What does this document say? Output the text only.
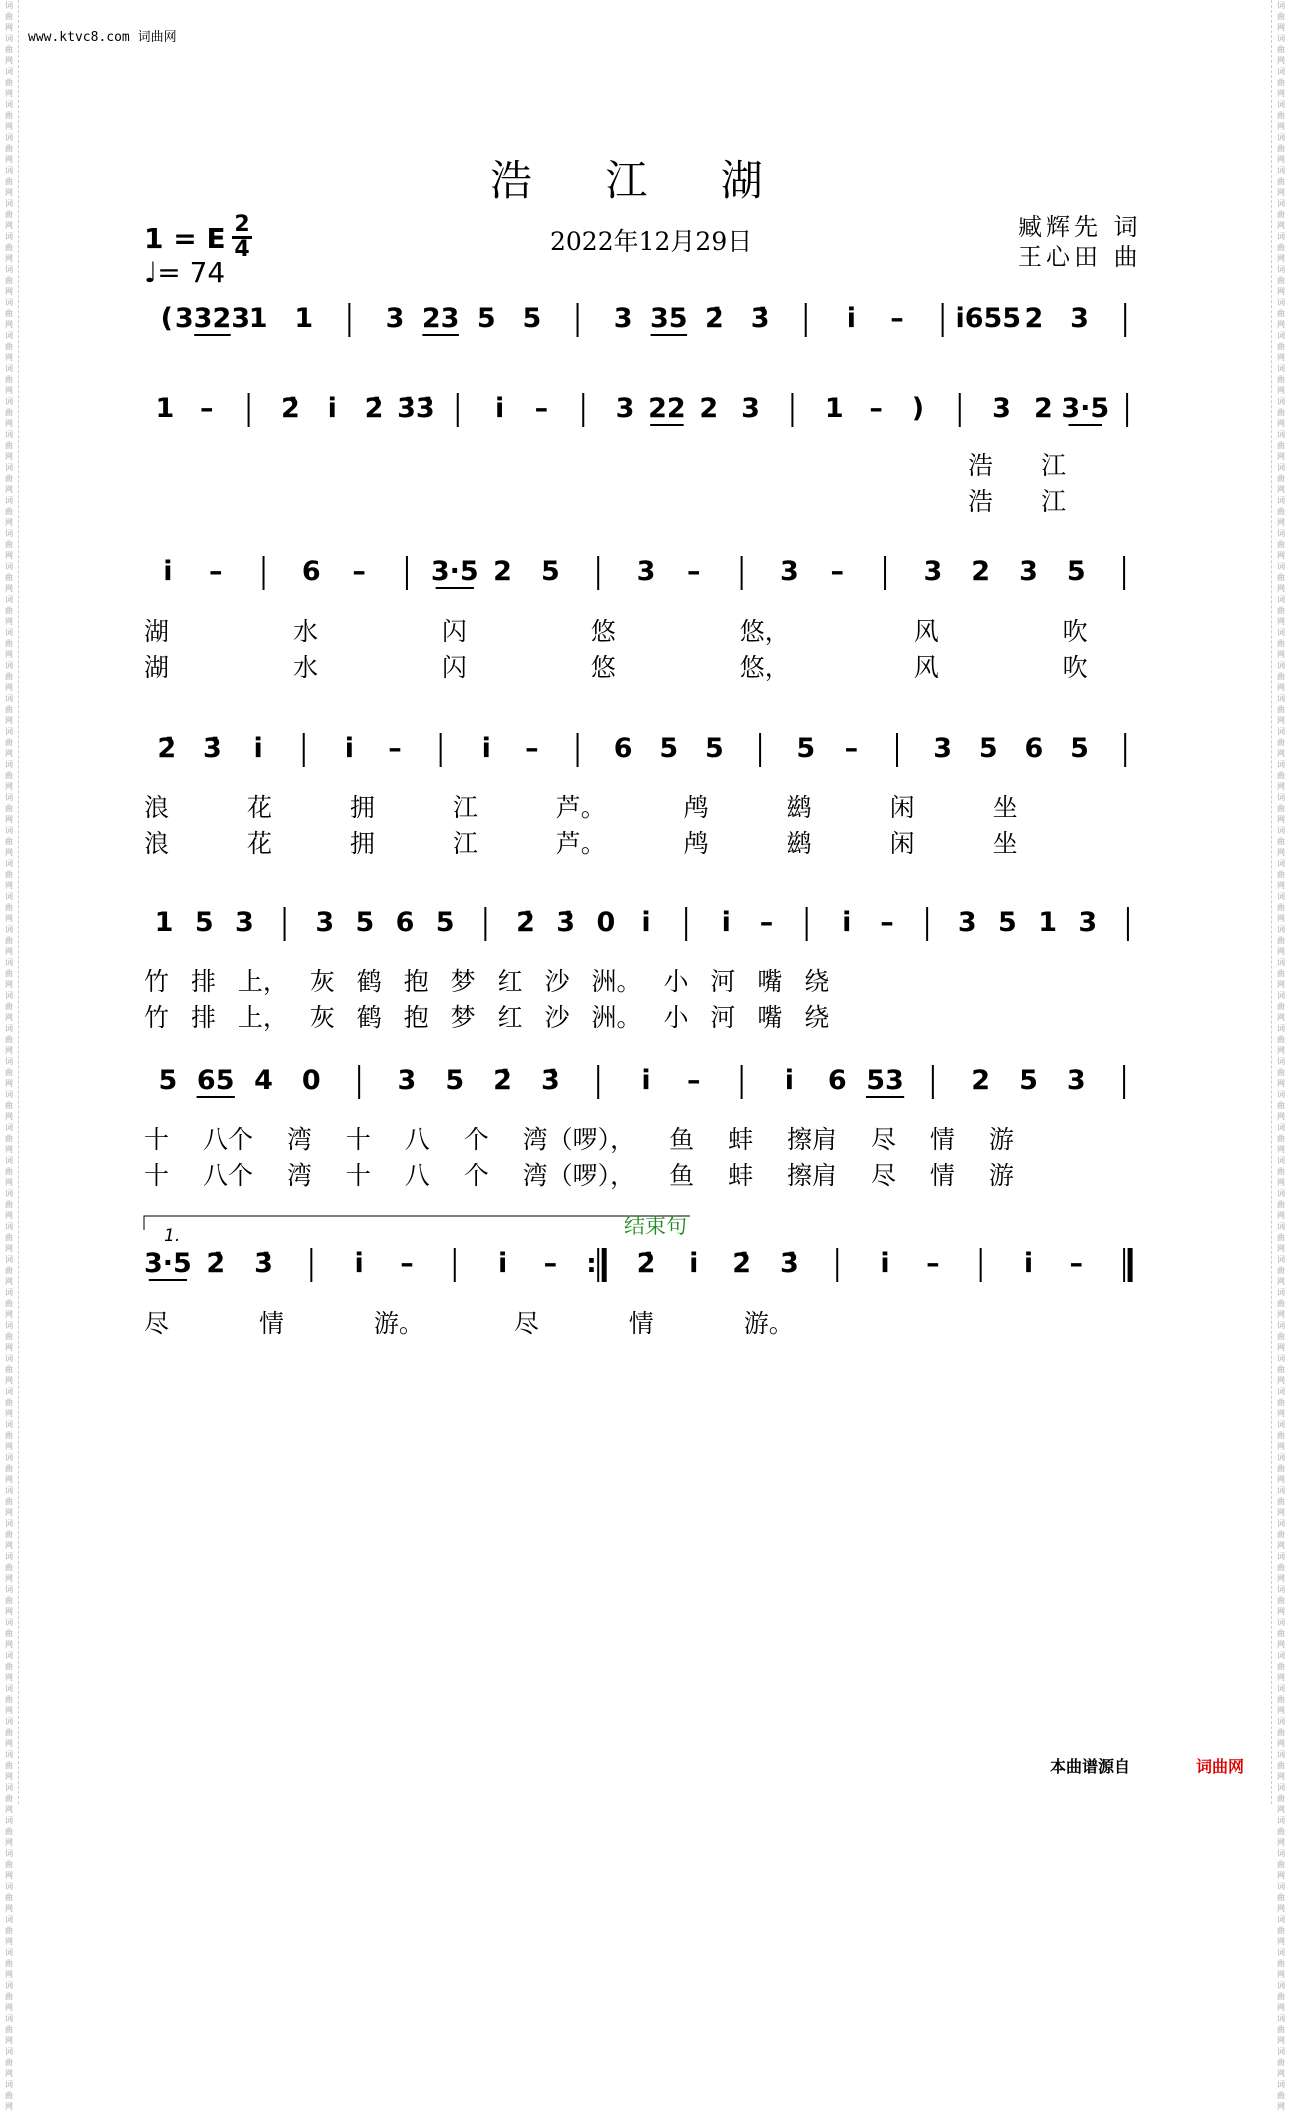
词曲网 词曲网 词曲网 词曲网 词曲网 词曲网 词曲网 词曲网 词曲网 词曲网 词曲网 词曲网 词曲网 词曲网 词曲网 词曲网 词曲网 词曲网 词曲网 词曲网 词曲网 词曲网 词曲网 词曲网 词曲网 词曲网 词曲网 词曲网 词曲网 词曲网 词曲网 词曲网 词曲网 词曲网 词曲网 词曲网 词曲网 词曲网 词曲网 词曲网 词曲网 词曲网 词曲网 词曲网 词曲网 词曲网 词曲网 词曲网 词曲网 词曲网 词曲网 词曲网 词曲网 词曲网 词曲网 词曲网 词曲网 词曲网 词曲网 词曲网 词曲网 词曲网 词曲网 词曲网
词曲网 词曲网 词曲网 词曲网 词曲网 词曲网 词曲网 词曲网 词曲网 词曲网 词曲网 词曲网 词曲网 词曲网 词曲网 词曲网 词曲网 词曲网 词曲网 词曲网 词曲网 词曲网 词曲网 词曲网 词曲网 词曲网 词曲网 词曲网 词曲网 词曲网 词曲网 词曲网 词曲网 词曲网 词曲网 词曲网 词曲网 词曲网 词曲网 词曲网 词曲网 词曲网 词曲网 词曲网 词曲网 词曲网 词曲网 词曲网 词曲网 词曲网 词曲网 词曲网 词曲网 词曲网 词曲网 词曲网 词曲网 词曲网 词曲网 词曲网 词曲网 词曲网 词曲网 词曲网
www.ktvc8.com 词曲网
浩 江 湖
2022年12月29日	臧辉先 词
王心田 曲
1 = E 2
4
♩= 74
( 3323
1 1	3 23 5 5	3 35 2̇ 3̇	i – i655 2 3
1 –	2̇ i 2̇ 3̇3̇ i –	3 22 2 3 1 – )	3 2 3·5
i –	6 – 3·5 2 5	3 –	3 –	3 2 3 5
2̇ 3̇ i	i –	i –	6 5 5	5 –	3 5 6 5
1 5 3 3 5 6 5 2̇ 3̇ 0 i	i –	i – 3 5 1 3
5 65 4 0	3 5 2̇ 3̇	i –	i 6 53 2 5 3
3·5 2̇ 3̇	i –	i – : 2̇ i 2̇ 3̇	i –	i –
浩 江
浩 江
湖 水 闪 悠 悠， 风 吹
湖 水 闪 悠 悠， 风 吹
浪 花 拥 江 芦。 鸬 鹚 闲 坐
浪 花 拥 江 芦。 鸬 鹚 闲 坐
竹 排 上， 灰 鹤 抱 梦 红 沙 洲。 小 河 嘴 绕
竹 排 上， 灰 鹤 抱 梦 红 沙 洲。 小 河 嘴 绕
十 八个 湾 十 八 个 湾（啰）， 鱼 蚌 擦肩 尽 情 游
十 八个 湾 十 八 个 湾（啰）， 鱼 蚌 擦肩 尽 情 游
尽 情 游。 尽 情 游。
结束句
1.
本曲谱源自	词曲网
